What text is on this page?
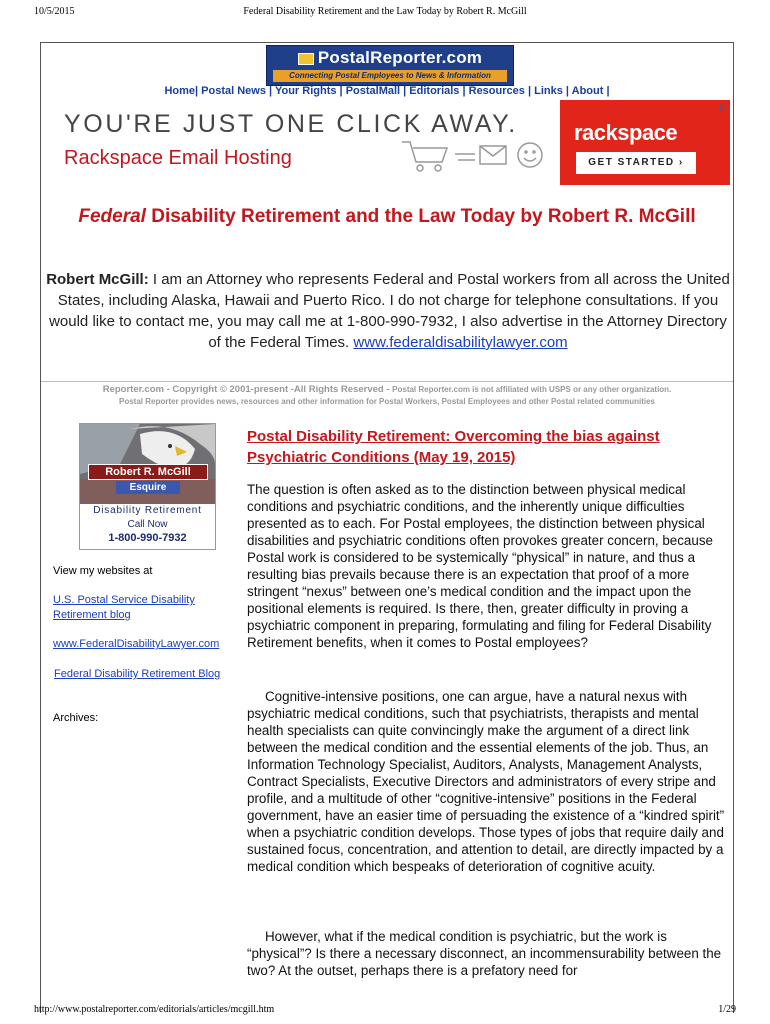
10/5/2015	Federal Disability Retirement and the Law Today by Robert R. McGill
PostalReporter.com
Connecting Postal Employees to News & Information
Home| Postal News | Your Rights | PostalMall | Editorials | Resources | Links | About |
YOU'RE JUST ONE CLICK AWAY.
Rackspace Email Hosting
rackspace
GET STARTED ›
▷
Federal Disability Retirement and the Law Today by Robert R. McGill
Robert McGill: I am an Attorney who represents Federal and Postal workers from all across the United States, including Alaska, Hawaii and Puerto Rico. I do not charge for telephone consultations. If you would like to contact me, you may call me at 1-800-990-7932, I also advertise in the Attorney Directory of the Federal Times. www.federaldisabilitylawyer.com
Reporter.com - Copyright © 2001-present -All Rights Reserved - Postal Reporter.com is not affiliated with USPS or any other organization.
Postal Reporter provides news, resources and other information for Postal Workers, Postal Employees and other Postal related communities
Robert R. McGill
Esquire
Disability Retirement
Call Now
1-800-990-7932
View my websites at
U.S. Postal Service Disability Retirement blog
www.FederalDisabilityLawyer.com
Federal Disability Retirement Blog
Archives:
Postal Disability Retirement: Overcoming the bias against Psychiatric Conditions (May 19, 2015)

The question is often asked as to the distinction between physical medical conditions and psychiatric conditions, and the inherently unique difficulties presented as to each. For Postal employees, the distinction between physical disabilities and psychiatric conditions often provokes greater concern, because Postal work is considered to be systemically “physical” in nature, and thus a resulting bias prevails because there is an expectation that proof of a more stringent “nexus” between one’s medical condition and the impact upon the positional elements is required. Is there, then, greater difficulty in proving a psychiatric component in preparing, formulating and filing for Federal Disability Retirement benefits, when it comes to Postal employees?

Cognitive-intensive positions, one can argue, have a natural nexus with psychiatric medical conditions, such that psychiatrists, therapists and mental health specialists can quite convincingly make the argument of a direct link between the medical condition and the essential elements of the job. Thus, an Information Technology Specialist, Auditors, Analysts, Management Analysts, Contract Specialists, Executive Directors and administrators of every stripe and profile, and a multitude of other “cognitive-intensive” positions in the Federal government, have an easier time of persuading the existence of a “kindred spirit” when a psychiatric condition develops. Those types of jobs that require daily and sustained focus, concentration, and attention to detail, are directly impacted by a medical condition which bespeaks of deterioration of cognitive acuity.

However, what if the medical condition is psychiatric, but the work is “physical”? Is there a necessary disconnect, an incommensurability between the two? At the outset, perhaps there is a prefatory need for

http://www.postalreporter.com/editorials/articles/mcgill.htm	1/29
